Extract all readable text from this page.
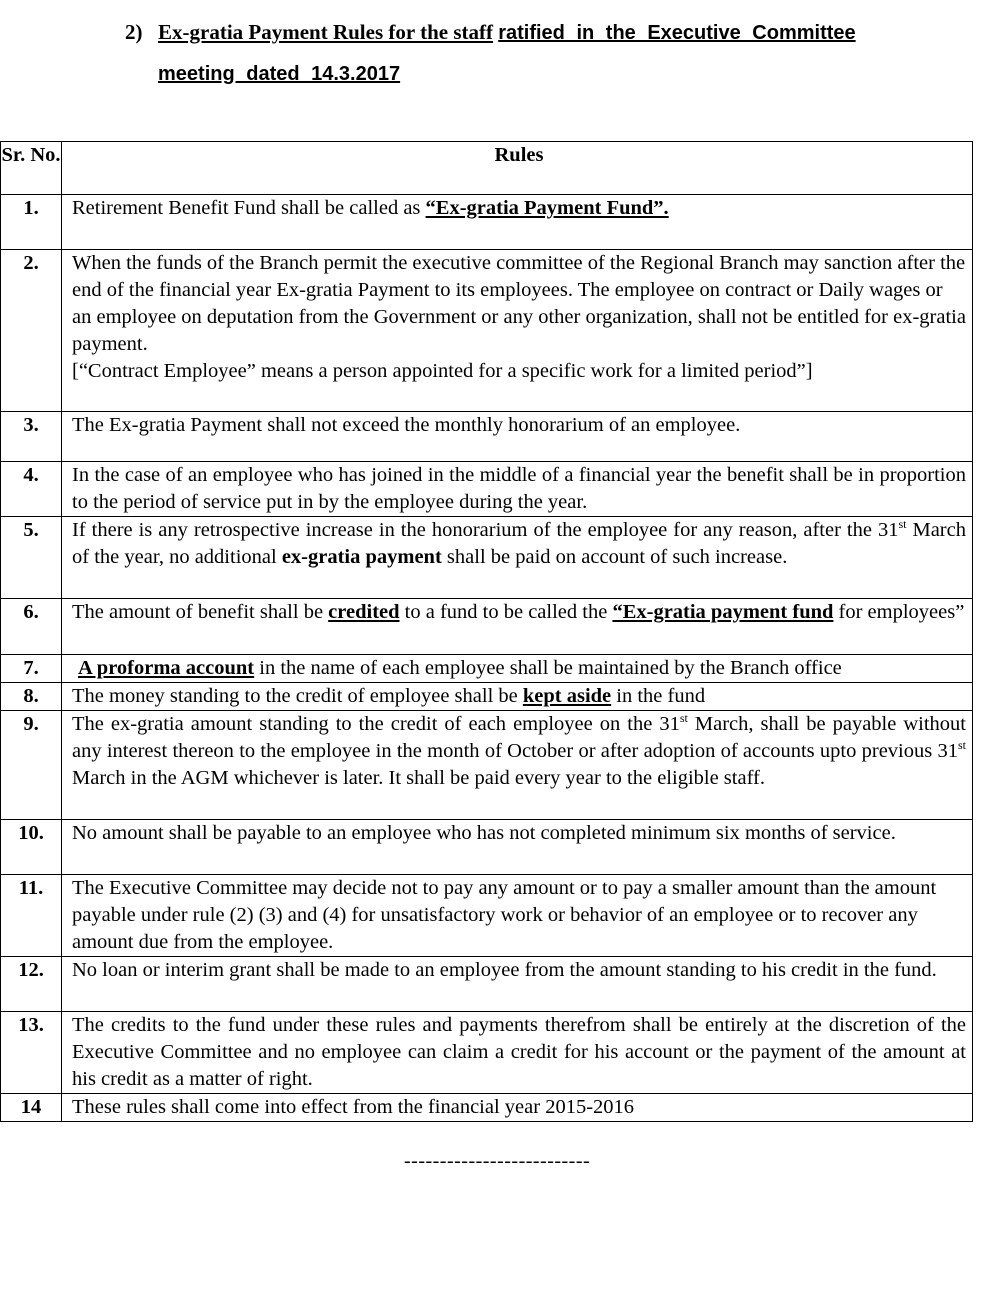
2) Ex-gratia Payment Rules for the staff ratified in the Executive Committee
meeting dated 14.3.2017
Sr. No.	Rules
1.	Retirement Benefit Fund shall be called as “Ex-gratia Payment Fund”.
2.	When the funds of the Branch permit the executive committee of the Regional Branch may sanction after the end of the financial year Ex-gratia Payment to its employees. The employee on contract or Daily wages or an employee on deputation from the Government or any other organization, shall not be entitled for ex-gratia payment.
[“Contract Employee” means a person appointed for a specific work for a limited period”]
3.	The Ex-gratia Payment shall not exceed the monthly honorarium of an employee.
4.	In the case of an employee who has joined in the middle of a financial year the benefit shall be in proportion to the period of service put in by the employee during the year.
5.	If there is any retrospective increase in the honorarium of the employee for any reason, after the 31st March of the year, no additional ex-gratia payment shall be paid on account of such increase.
6.	The amount of benefit shall be credited to a fund to be called the “Ex-gratia payment fund for employees”
7.	A proforma account in the name of each employee shall be maintained by the Branch office
8.	The money standing to the credit of employee shall be kept aside in the fund
9.	The ex-gratia amount standing to the credit of each employee on the 31st March, shall be payable without any interest thereon to the employee in the month of October or after adoption of accounts upto previous 31st March in the AGM whichever is later. It shall be paid every year to the eligible staff.
10.	No amount shall be payable to an employee who has not completed minimum six months of service.
11.	The Executive Committee may decide not to pay any amount or to pay a smaller amount than the amount payable under rule (2) (3) and (4) for unsatisfactory work or behavior of an employee or to recover any amount due from the employee.
12.	No loan or interim grant shall be made to an employee from the amount standing to his credit in the fund.
13.	The credits to the fund under these rules and payments therefrom shall be entirely at the discretion of the Executive Committee and no employee can claim a credit for his account or the payment of the amount at his credit as a matter of right.
14	These rules shall come into effect from the financial year 2015-2016
--------------------------
